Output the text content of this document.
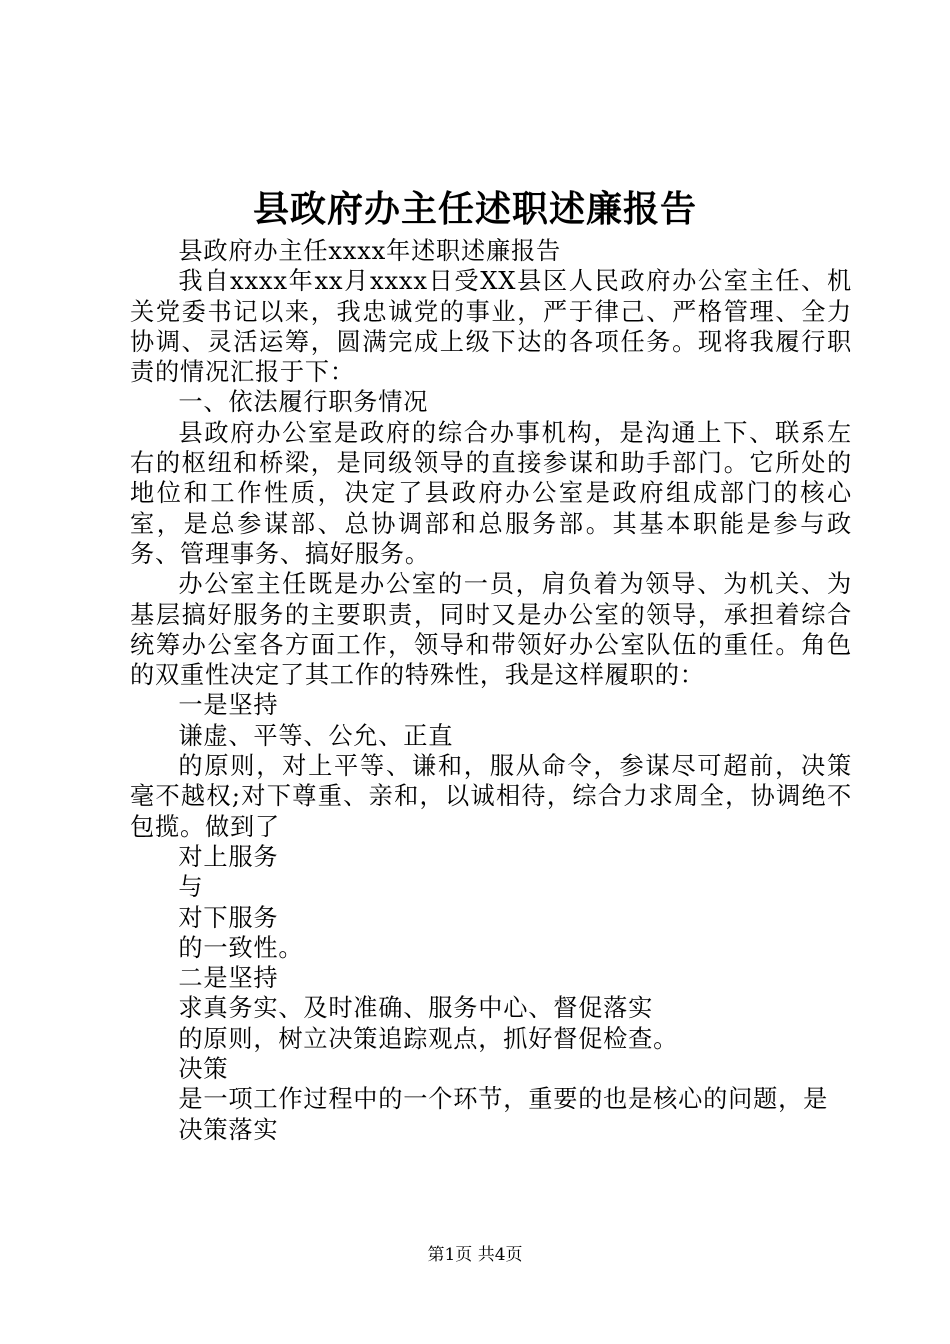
县政府办主任述职述廉报告

县政府办主任xxxx年述职述廉报告

我自xxxx年xx月xxxx日受XX县区人民政府办公室主任、机关党委书记以来，我忠诚党的事业，严于律己、严格管理、全力协调、灵活运筹，圆满完成上级下达的各项任务。现将我履行职责的情况汇报于下：

一、依法履行职务情况

县政府办公室是政府的综合办事机构，是沟通上下、联系左右的枢纽和桥梁，是同级领导的直接参谋和助手部门。它所处的地位和工作性质，决定了县政府办公室是政府组成部门的核心室，是总参谋部、总协调部和总服务部。其基本职能是参与政务、管理事务、搞好服务。

办公室主任既是办公室的一员，肩负着为领导、为机关、为基层搞好服务的主要职责，同时又是办公室的领导，承担着综合统筹办公室各方面工作，领导和带领好办公室队伍的重任。角色的双重性决定了其工作的特殊性，我是这样履职的：

一是坚持

谦虚、平等、公允、正直

的原则，对上平等、谦和，服从命令，参谋尽可超前，决策毫不越权;对下尊重、亲和，以诚相待，综合力求周全，协调绝不包揽。做到了

对上服务

与

对下服务

的一致性。

二是坚持

求真务实、及时准确、服务中心、督促落实

的原则，树立决策追踪观点，抓好督促检查。

决策

是一项工作过程中的一个环节，重要的也是核心的问题，是

决策落实

第1页 共4页
